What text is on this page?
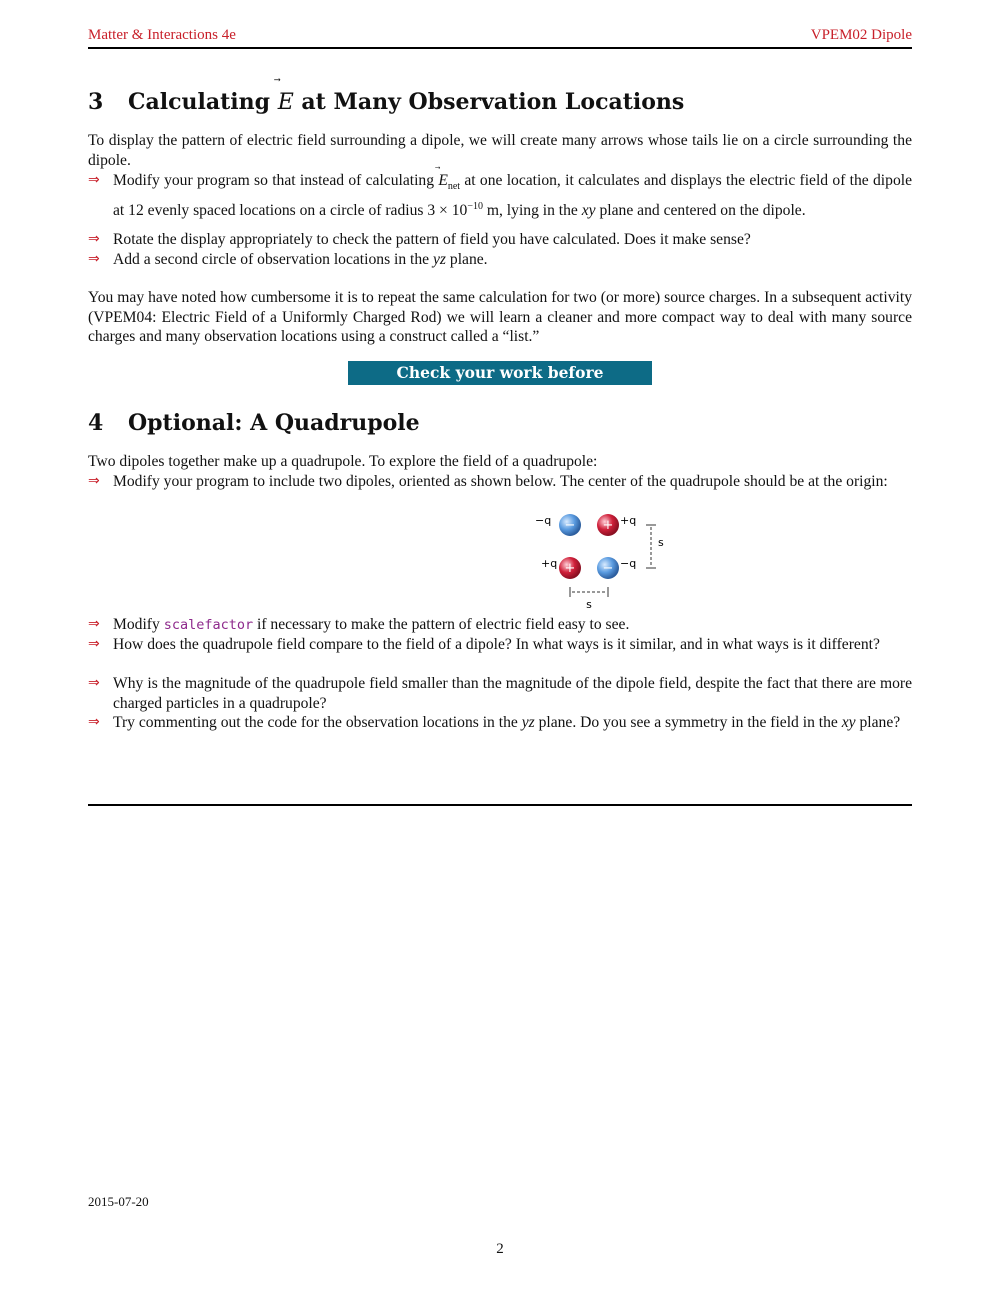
Matter & Interactions 4e	VPEM02 Dipole
3 Calculating
E at Many Observation Locations
To display the pattern of electric field surrounding a dipole, we will create many arrows whose tails lie on a circle surrounding the dipole.
⇒ Modify your program so that instead of calculating
$E_{net}$ at one location, it calculates and displays the electric field of the dipole at 12 evenly spaced locations on a circle of radius $3 \times 10^{-10}$ m, lying in the xy plane and centered on the dipole.
⇒ Rotate the display appropriately to check the pattern of field you have calculated. Does it make sense?
⇒ Add a second circle of observation locations in the yz plane.
You may have noted how cumbersome it is to repeat the same calculation for two (or more) source charges. In a subsequent activity (VPEM04: Electric Field of a Uniformly Charged Rod) we will learn a cleaner and more compact way to deal with many source charges and many observation locations using a construct called a “list.”
Check your work before continuing.
4 Optional: A Quadrupole
Two dipoles together make up a quadrupole. To explore the field of a quadrupole:
⇒ Modify your program to include two dipoles, oriented as shown below. The center of the quadrupole should be at the origin:
− +
+ −
−q	+q
+q	−q
s
s
⇒ Modify scalefactor if necessary to make the pattern of electric field easy to see.
⇒ How does the quadrupole field compare to the field of a dipole? In what ways is it similar, and in what ways is it different?
⇒ Why is the magnitude of the quadrupole field smaller than the magnitude of the dipole field, despite the fact that there are more charged particles in a quadrupole?
⇒ Try commenting out the code for the observation locations in the yz plane. Do you see a symmetry in the field in the xy plane?
2015-07-20
2
